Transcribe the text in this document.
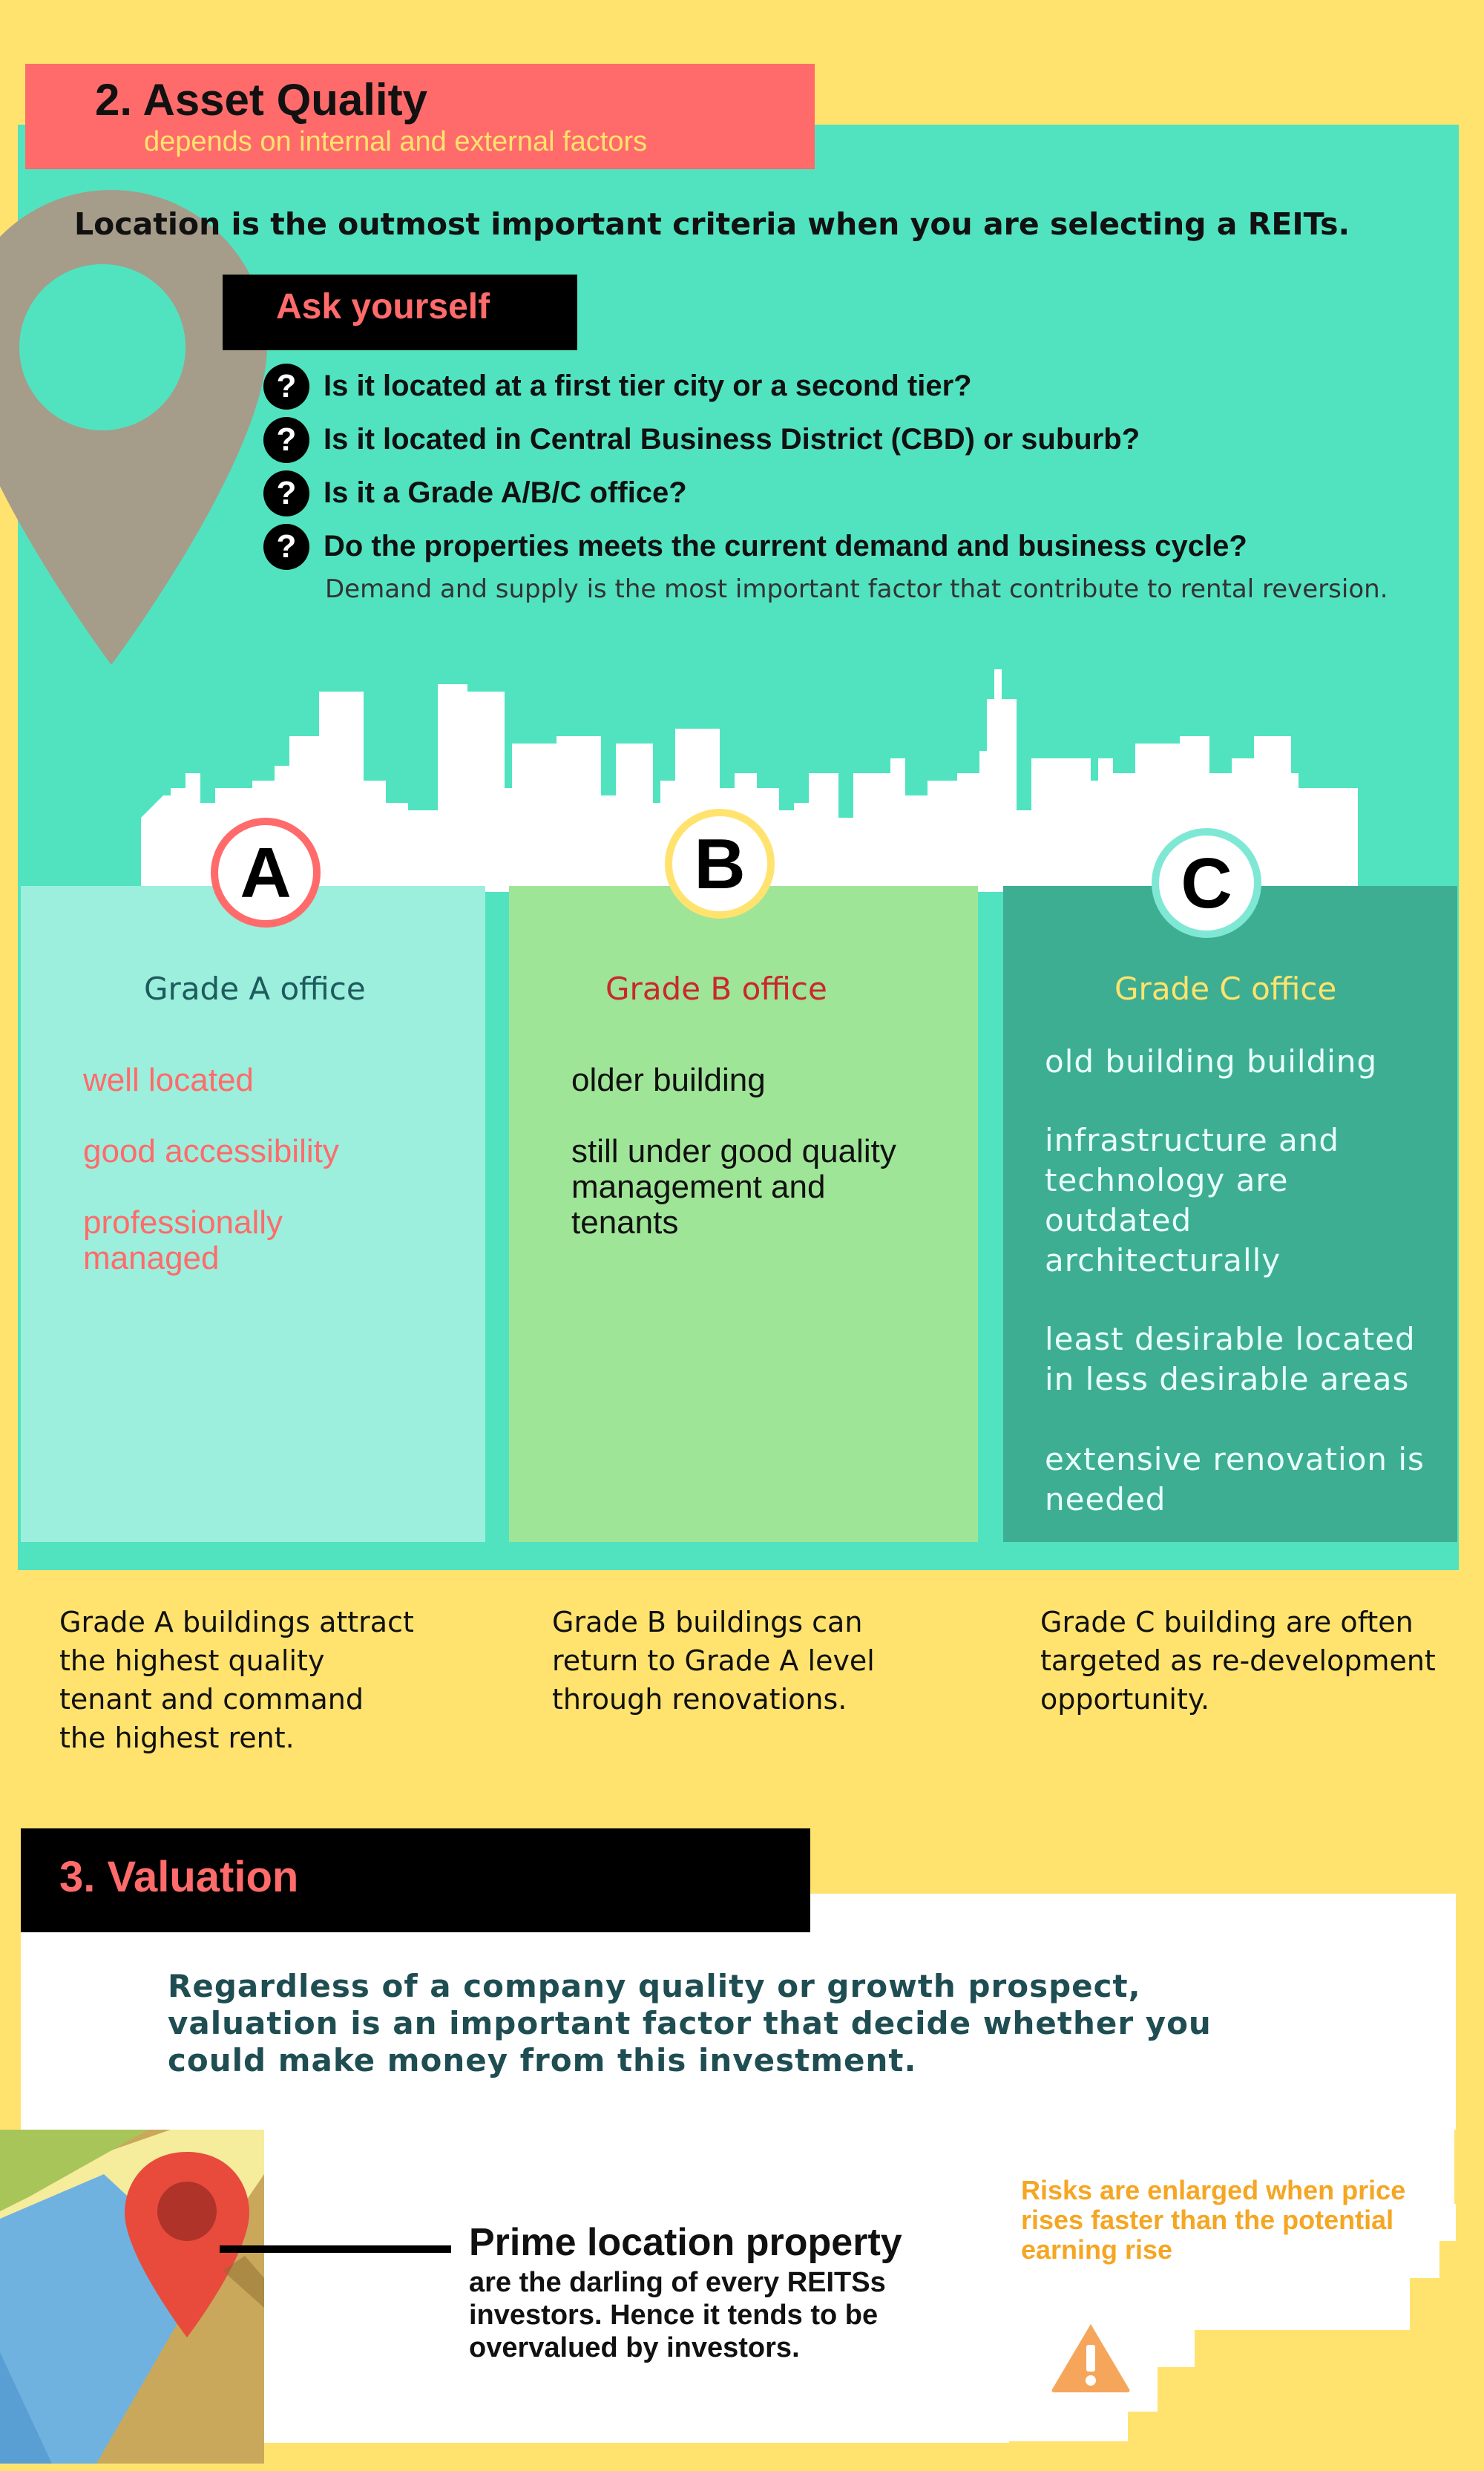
2. Asset Quality
depends on internal and external factors
Location is the outmost important criteria when you are selecting a REITs.
Ask yourself
? Is it located at a first tier city or a second tier?
? Is it located in Central Business District (CBD) or suburb?
? Is it a Grade A/B/C office?
? Do the properties meets the current demand and business cycle?
Demand and supply is the most important factor that contribute to rental reversion.
A	B	C
Grade A office	Grade B office	Grade C office
well located
good accessibility
professionally managed
older building
still under good quality management and tenants
old building building
infrastructure and technology are outdated architecturally
least desirable located in less desirable areas
extensive renovation is needed
Grade A buildings attract the highest quality tenant and command the highest rent.
Grade B buildings can return to Grade A level through renovations.
Grade C building are often targeted as re-development opportunity.
3. Valuation
Regardless of a company quality or growth prospect, valuation is an important factor that decide whether you could make money from this investment.
Prime location property
are the darling of every REITSs investors. Hence it tends to be overvalued by investors.
Risks are enlarged when price rises faster than the potential earning rise
